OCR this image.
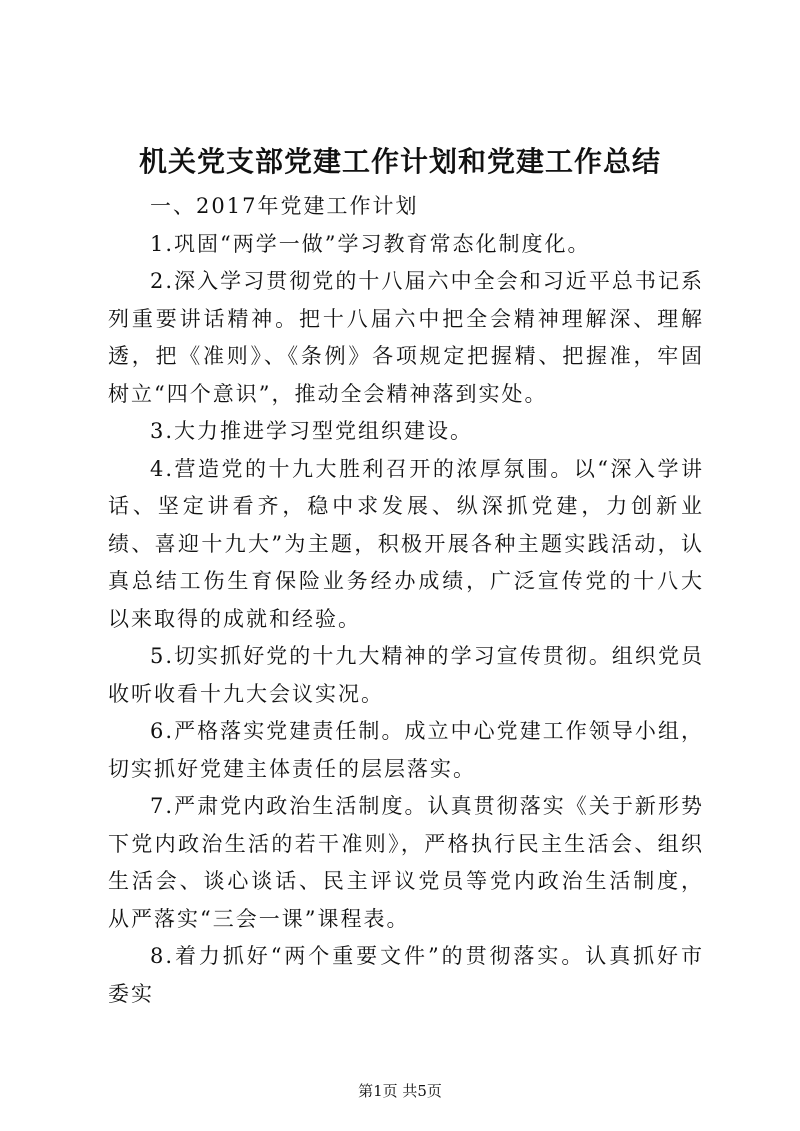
机关党支部党建工作计划和党建工作总结

一、2017年党建工作计划

1.巩固“两学一做”学习教育常态化制度化。

2.深入学习贯彻党的十八届六中全会和习近平总书记系列重要讲话精神。把十八届六中把全会精神理解深、理解透，把《准则》、《条例》各项规定把握精、把握准，牢固树立“四个意识”，推动全会精神落到实处。

3.大力推进学习型党组织建设。

4.营造党的十九大胜利召开的浓厚氛围。以“深入学讲话、坚定讲看齐，稳中求发展、纵深抓党建，力创新业绩、喜迎十九大”为主题，积极开展各种主题实践活动，认真总结工伤生育保险业务经办成绩，广泛宣传党的十八大以来取得的成就和经验。

5.切实抓好党的十九大精神的学习宣传贯彻。组织党员收听收看十九大会议实况。

6.严格落实党建责任制。成立中心党建工作领导小组，切实抓好党建主体责任的层层落实。

7.严肃党内政治生活制度。认真贯彻落实《关于新形势下党内政治生活的若干准则》，严格执行民主生活会、组织生活会、谈心谈话、民主评议党员等党内政治生活制度，从严落实“三会一课”课程表。

8.着力抓好“两个重要文件”的贯彻落实。认真抓好市委实

第1页 共5页
